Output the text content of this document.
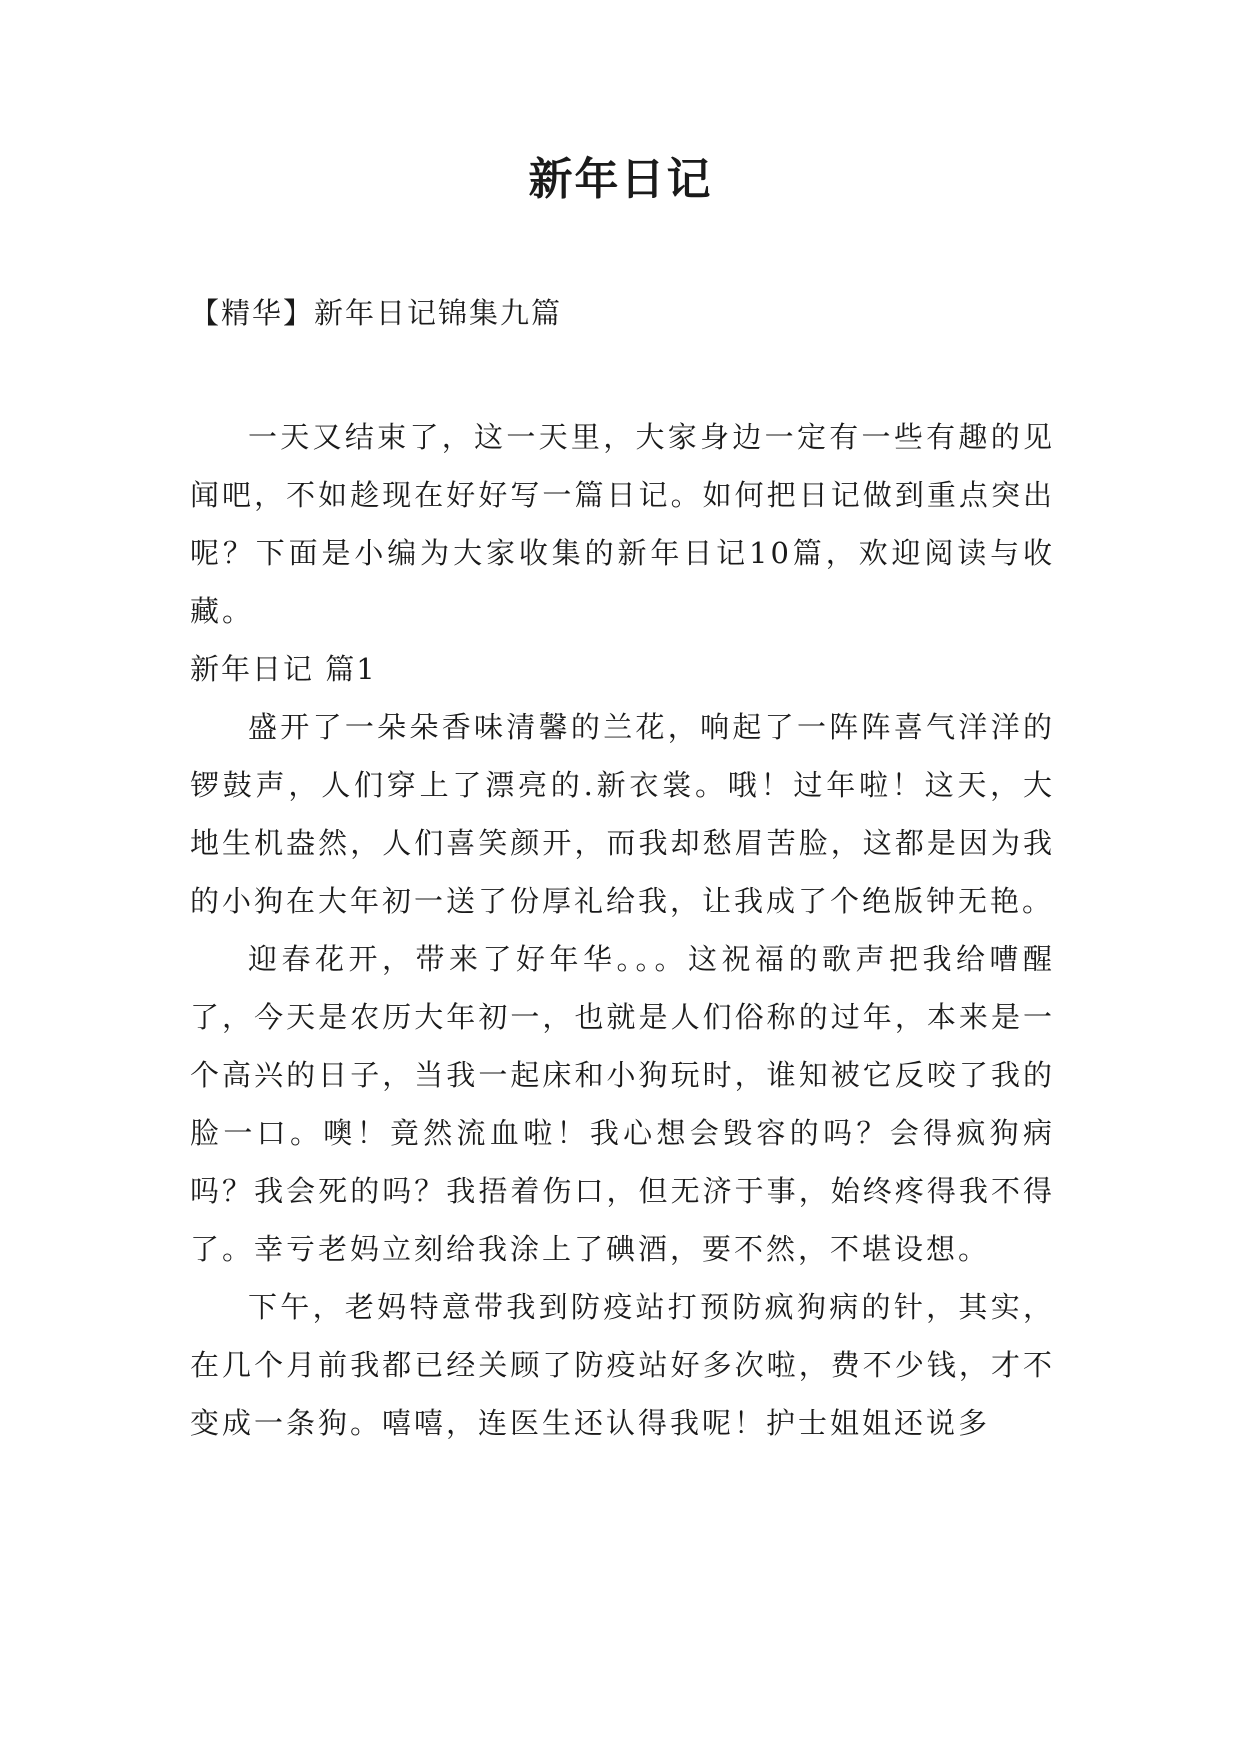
新年日记
【精华】新年日记锦集九篇

一天又结束了，这一天里，大家身边一定有一些有趣的见闻吧，不如趁现在好好写一篇日记。如何把日记做到重点突出呢？下面是小编为大家收集的新年日记10篇，欢迎阅读与收藏。

新年日记 篇1

盛开了一朵朵香味清馨的兰花，响起了一阵阵喜气洋洋的锣鼓声，人们穿上了漂亮的.新衣裳。哦！过年啦！这天，大地生机盎然，人们喜笑颜开，而我却愁眉苦脸，这都是因为我的小狗在大年初一送了份厚礼给我，让我成了个绝版钟无艳。

迎春花开，带来了好年华。。。这祝福的歌声把我给嘈醒了，今天是农历大年初一，也就是人们俗称的过年，本来是一个高兴的日子，当我一起床和小狗玩时，谁知被它反咬了我的脸一口。噢！竟然流血啦！我心想会毁容的吗？会得疯狗病吗？我会死的吗？我捂着伤口，但无济于事，始终疼得我不得了。幸亏老妈立刻给我涂上了碘酒，要不然，不堪设想。

下午，老妈特意带我到防疫站打预防疯狗病的针，其实，在几个月前我都已经关顾了防疫站好多次啦，费不少钱，才不变成一条狗。嘻嘻，连医生还认得我呢！护士姐姐还说多
